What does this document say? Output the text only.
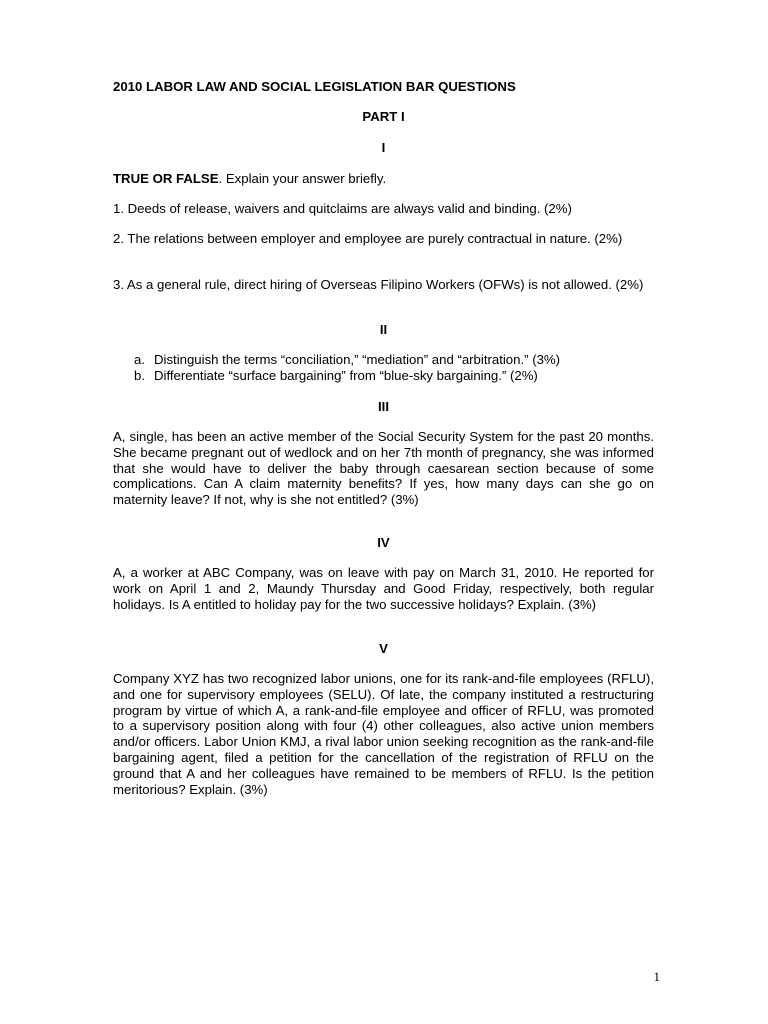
2010 LABOR LAW AND SOCIAL LEGISLATION BAR QUESTIONS
PART I
I
TRUE OR FALSE. Explain your answer briefly.
1. Deeds of release, waivers and quitclaims are always valid and binding. (2%)
2. The relations between employer and employee are purely contractual in nature. (2%)
3. As a general rule, direct hiring of Overseas Filipino Workers (OFWs) is not allowed. (2%)
II
a. Distinguish the terms “conciliation,” “mediation” and “arbitration.” (3%)
b. Differentiate “surface bargaining” from “blue-sky bargaining.” (2%)
III
A, single, has been an active member of the Social Security System for the past 20 months. She became pregnant out of wedlock and on her 7th month of pregnancy, she was informed that she would have to deliver the baby through caesarean section because of some complications. Can A claim maternity benefits? If yes, how many days can she go on maternity leave? If not, why is she not entitled? (3%)
IV
A, a worker at ABC Company, was on leave with pay on March 31, 2010. He reported for work on April 1 and 2, Maundy Thursday and Good Friday, respectively, both regular holidays. Is A entitled to holiday pay for the two successive holidays? Explain. (3%)
V
Company XYZ has two recognized labor unions, one for its rank-and-file employees (RFLU), and one for supervisory employees (SELU). Of late, the company instituted a restructuring program by virtue of which A, a rank-and-file employee and officer of RFLU, was promoted to a supervisory position along with four (4) other colleagues, also active union members and/or officers. Labor Union KMJ, a rival labor union seeking recognition as the rank-and-file bargaining agent, filed a petition for the cancellation of the registration of RFLU on the ground that A and her colleagues have remained to be members of RFLU. Is the petition meritorious? Explain. (3%)
1
